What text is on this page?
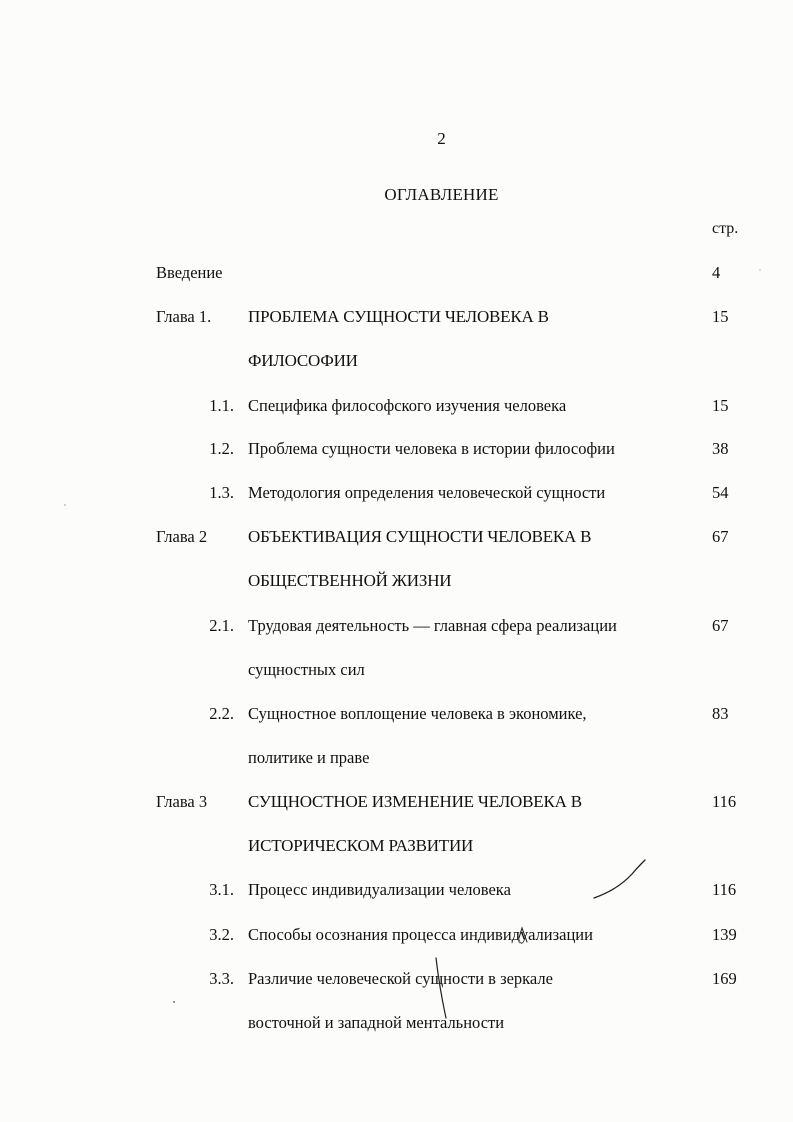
2
ОГЛАВЛЕНИЕ
стр.
Введение	4
Глава 1. ПРОБЛЕМА СУЩНОСТИ ЧЕЛОВЕКА В	15
ФИЛОСОФИИ
1.1. Специфика философского изучения человека	15
1.2. Проблема сущности человека в истории философии	38
1.3. Методология определения человеческой сущности	54
Глава 2 ОБЪЕКТИВАЦИЯ СУЩНОСТИ ЧЕЛОВЕКА В	67
ОБЩЕСТВЕННОЙ ЖИЗНИ
2.1. Трудовая деятельность — главная сфера реализации	67
сущностных сил
2.2. Сущностное воплощение человека в экономике,	83
политике и праве
Глава 3 СУЩНОСТНОЕ ИЗМЕНЕНИЕ ЧЕЛОВЕКА В	116
ИСТОРИЧЕСКОМ РАЗВИТИИ
3.1. Процесс индивидуализации человека	116
3.2. Способы осознания процесса индивидуализации	139
3.3. Различие человеческой сущности в зеркале	169
восточной и западной ментальности
